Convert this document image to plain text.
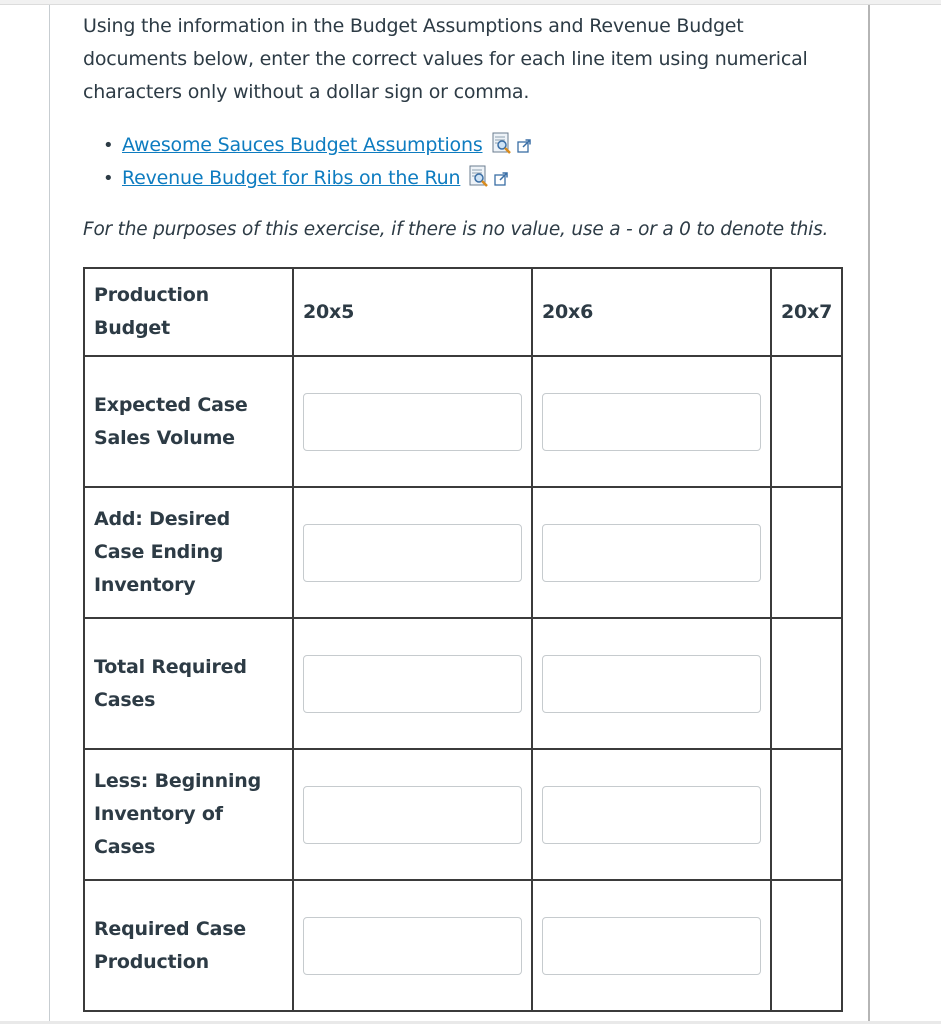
Using the information in the Budget Assumptions and Revenue Budget documents below, enter the correct values for each line item using numerical characters only without a dollar sign or comma.

• Awesome Sauces Budget Assumptions
• Revenue Budget for Ribs on the Run

For the purposes of this exercise, if there is no value, use a - or a 0 to denote this.

Production Budget	20x5	20x6	20x7
Expected Case Sales Volume	

Add: Desired Case Ending Inventory	

Total Required Cases	

Less: Beginning Inventory of Cases	

Required Case Production	
